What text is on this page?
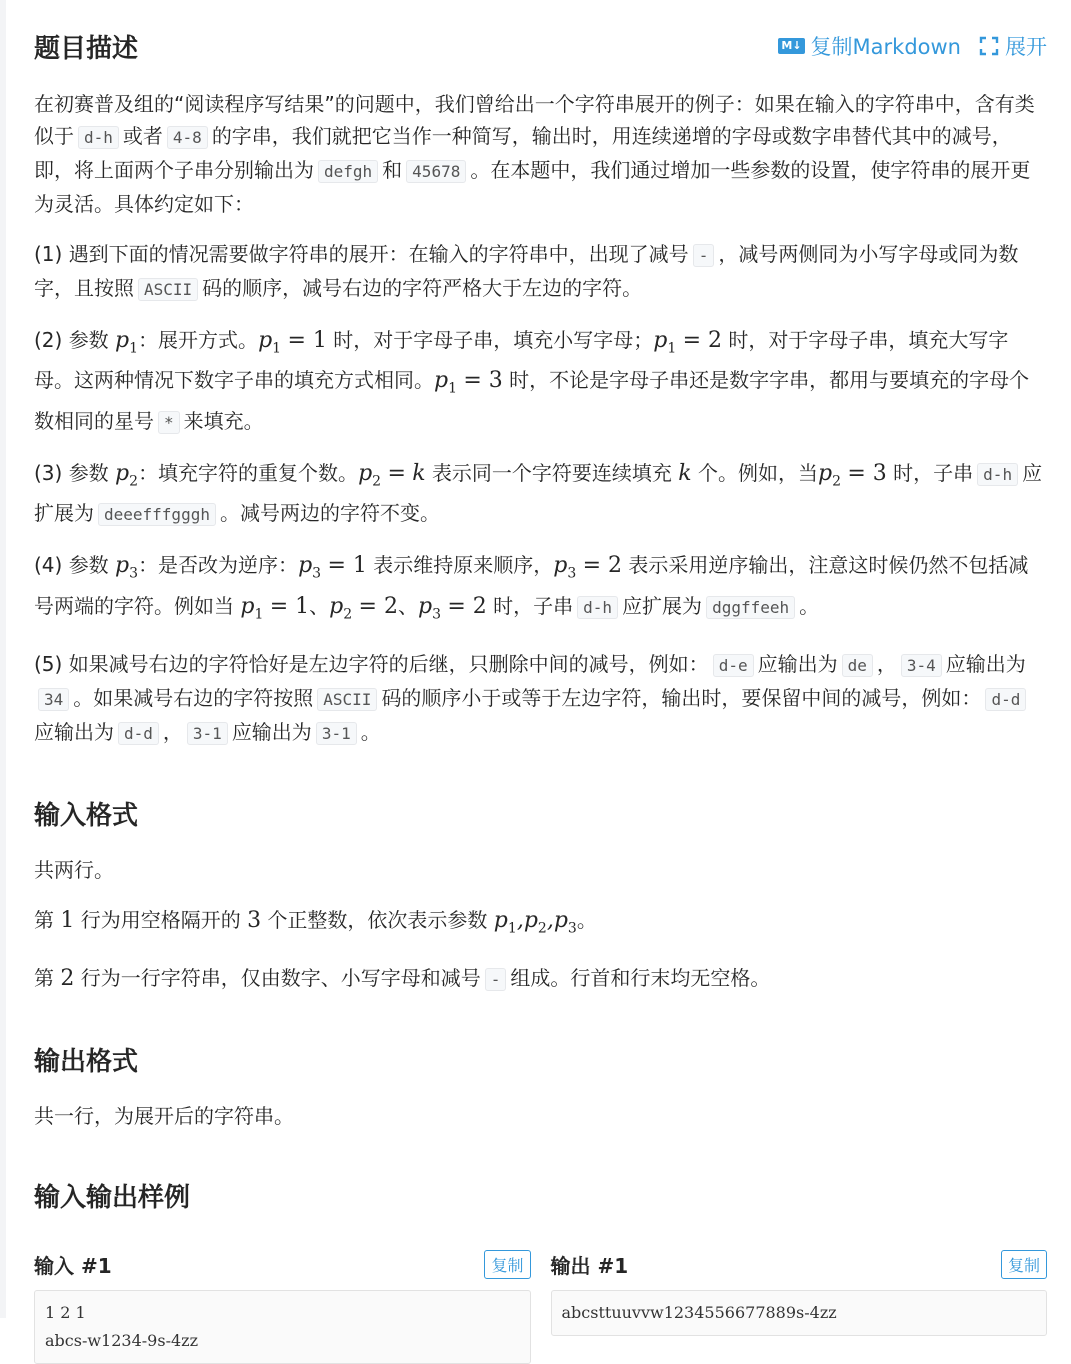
题目描述	M↓ 复制Markdown 展开

在初赛普及组的“阅读程序写结果”的问题中，我们曾给出一个字符串展开的例子：如果在输入的字符串中，含有类似于 d-h 或者 4-8 的字串，我们就把它当作一种简写，输出时，用连续递增的字母或数字串替代其中的减号，即，将上面两个子串分别输出为 defgh 和 45678 。在本题中，我们通过增加一些参数的设置，使字符串的展开更为灵活。具体约定如下：

(1) 遇到下面的情况需要做字符串的展开：在输入的字符串中，出现了减号 - ，减号两侧同为小写字母或同为数字，且按照 ASCII 码的顺序，减号右边的字符严格大于左边的字符。

(2) 参数 $p_1$：展开方式。$p_1 = 1$ 时，对于字母子串，填充小写字母；$p_1 = 2$ 时，对于字母子串，填充大写字母。这两种情况下数字子串的填充方式相同。$p_1 = 3$ 时，不论是字母子串还是数字字串，都用与要填充的字母个数相同的星号 * 来填充。

(3) 参数 $p_2$：填充字符的重复个数。$p_2 = k$ 表示同一个字符要连续填充 k 个。例如，当$p_2 = 3$ 时，子串 d-h 应扩展为 deeefffgggh 。减号两边的字符不变。

(4) 参数 $p_3$：是否改为逆序：$p_3 = 1$ 表示维持原来顺序，$p_3 = 2$ 表示采用逆序输出，注意这时候仍然不包括减号两端的字符。例如当 $p_1 = 1$、$p_2 = 2$、$p_3 = 2$ 时，子串 d-h 应扩展为 dggffeeh 。

(5) 如果减号右边的字符恰好是左边字符的后继，只删除中间的减号，例如： d-e 应输出为 de ， 3-4 应输出为34 。如果减号右边的字符按照 ASCII 码的顺序小于或等于左边字符，输出时，要保留中间的减号，例如： d-d应输出为 d-d ， 3-1 应输出为 3-1 。

输入格式

共两行。

第 1 行为用空格隔开的 3 个正整数，依次表示参数 $p_1,p_2,p_3$。

第 2 行为一行字符串，仅由数字、小写字母和减号 - 组成。行首和行末均无空格。

输出格式

共一行，为展开后的字符串。

输入输出样例
输入 #1	复制
1 2 1
abcs-w1234-9s-4zz
输出 #1	复制
abcsttuuvvw1234556677889s-4zz
